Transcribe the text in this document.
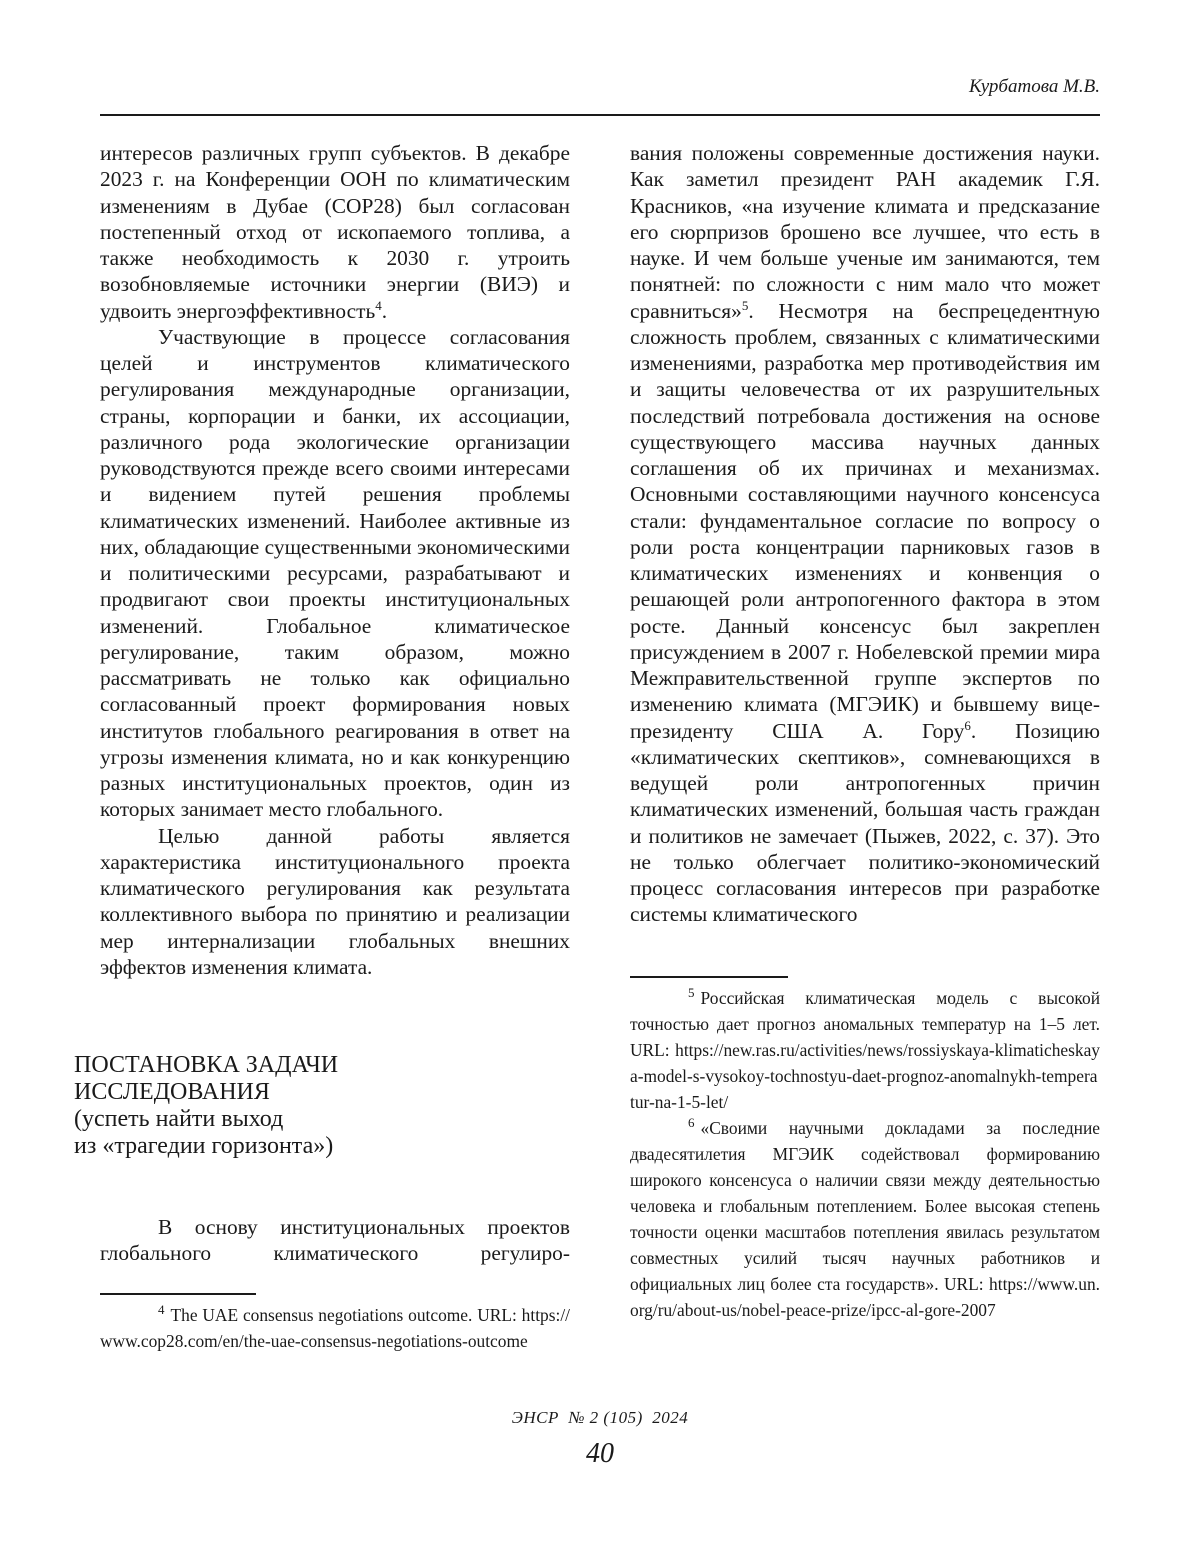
Курбатова М.В.

интересов различных групп субъектов. В декабре 2023 г. на Конференции ООН по климатическим изменениям в Дубае (COP28) был согласован постепенный отход от ископаемого топлива, а также необходимость к 2030 г. утроить возобновляемые источники энергии (ВИЭ) и удвоить энергоэффективность4.

Участвующие в процессе согласования целей и инструментов климатического регулирования международные организации, страны, корпорации и банки, их ассоциации, различного рода экологические организации руководствуются прежде всего своими интересами и видением путей решения проблемы климатических изменений. Наиболее активные из них, обладающие существенными экономическими и политическими ресурсами, разрабатывают и продвигают свои проекты институциональных изменений. Глобальное климатическое регулирование, таким образом, можно рассматривать не только как официально согласованный проект формирования новых институтов глобального реагирования в ответ на угрозы изменения климата, но и как конкуренцию разных институциональных проектов, один из которых занимает место глобального.

Целью данной работы является характеристика институционального проекта климатического регулирования как результата коллективного выбора по принятию и реализации мер интернализации глобальных внешних эффектов изменения климата.

ПОСТАНОВКА ЗАДАЧИ
ИССЛЕДОВАНИЯ
(успеть найти выход
из «трагедии горизонта»)

В основу институциональных проектов глобального климатического регулиро-

4 The UAE consensus negotiations outcome. URL: https://www.cop28.com/en/the-uae-consensus-negotiations-outcome

вания положены современные достижения науки. Как заметил президент РАН академик Г.Я. Красников, «на изучение климата и предсказание его сюрпризов брошено все лучшее, что есть в науке. И чем больше ученые им занимаются, тем понятней: по сложности с ним мало что может сравниться»5. Несмотря на беспрецедентную сложность проблем, связанных с климатическими изменениями, разработка мер противодействия им и защиты человечества от их разрушительных последствий потребовала достижения на основе существующего массива научных данных соглашения об их причинах и механизмах. Основными составляющими научного консенсуса стали: фундаментальное согласие по вопросу о роли роста концентрации парниковых газов в климатических изменениях и конвенция о решающей роли антропогенного фактора в этом росте. Данный консенсус был закреплен присуждением в 2007 г. Нобелевской премии мира Межправительственной группе экспертов по изменению климата (МГЭИК) и бывшему вице-президенту США А. Гору6. Позицию «климатических скептиков», сомневающихся в ведущей роли антропогенных причин климатических изменений, большая часть граждан и политиков не замечает (Пыжев, 2022, с. 37). Это не только облегчает политико-экономический процесс согласования интересов при разработке системы климатического

5 Российская климатическая модель с высокой точностью дает прогноз аномальных температур на 1–5 лет. URL: https://new.ras.ru/activities/news/rossiyskaya-klimaticheskaya-model-s-vysokoy-tochnostyu-daet-prognoz-anomalnykh-temperatur-na-1-5-let/

6 «Своими научными докладами за последние двадесятилетия МГЭИК содействовал формированию широкого консенсуса о наличии связи между деятельностью человека и глобальным потеплением. Более высокая степень точности оценки масштабов потепления явилась результатом совместных усилий тысяч научных работников и официальных лиц более ста государств». URL: https://www.un.org/ru/about-us/nobel-peace-prize/ipcc-al-gore-2007

ЭНСР  № 2 (105)  2024
40
